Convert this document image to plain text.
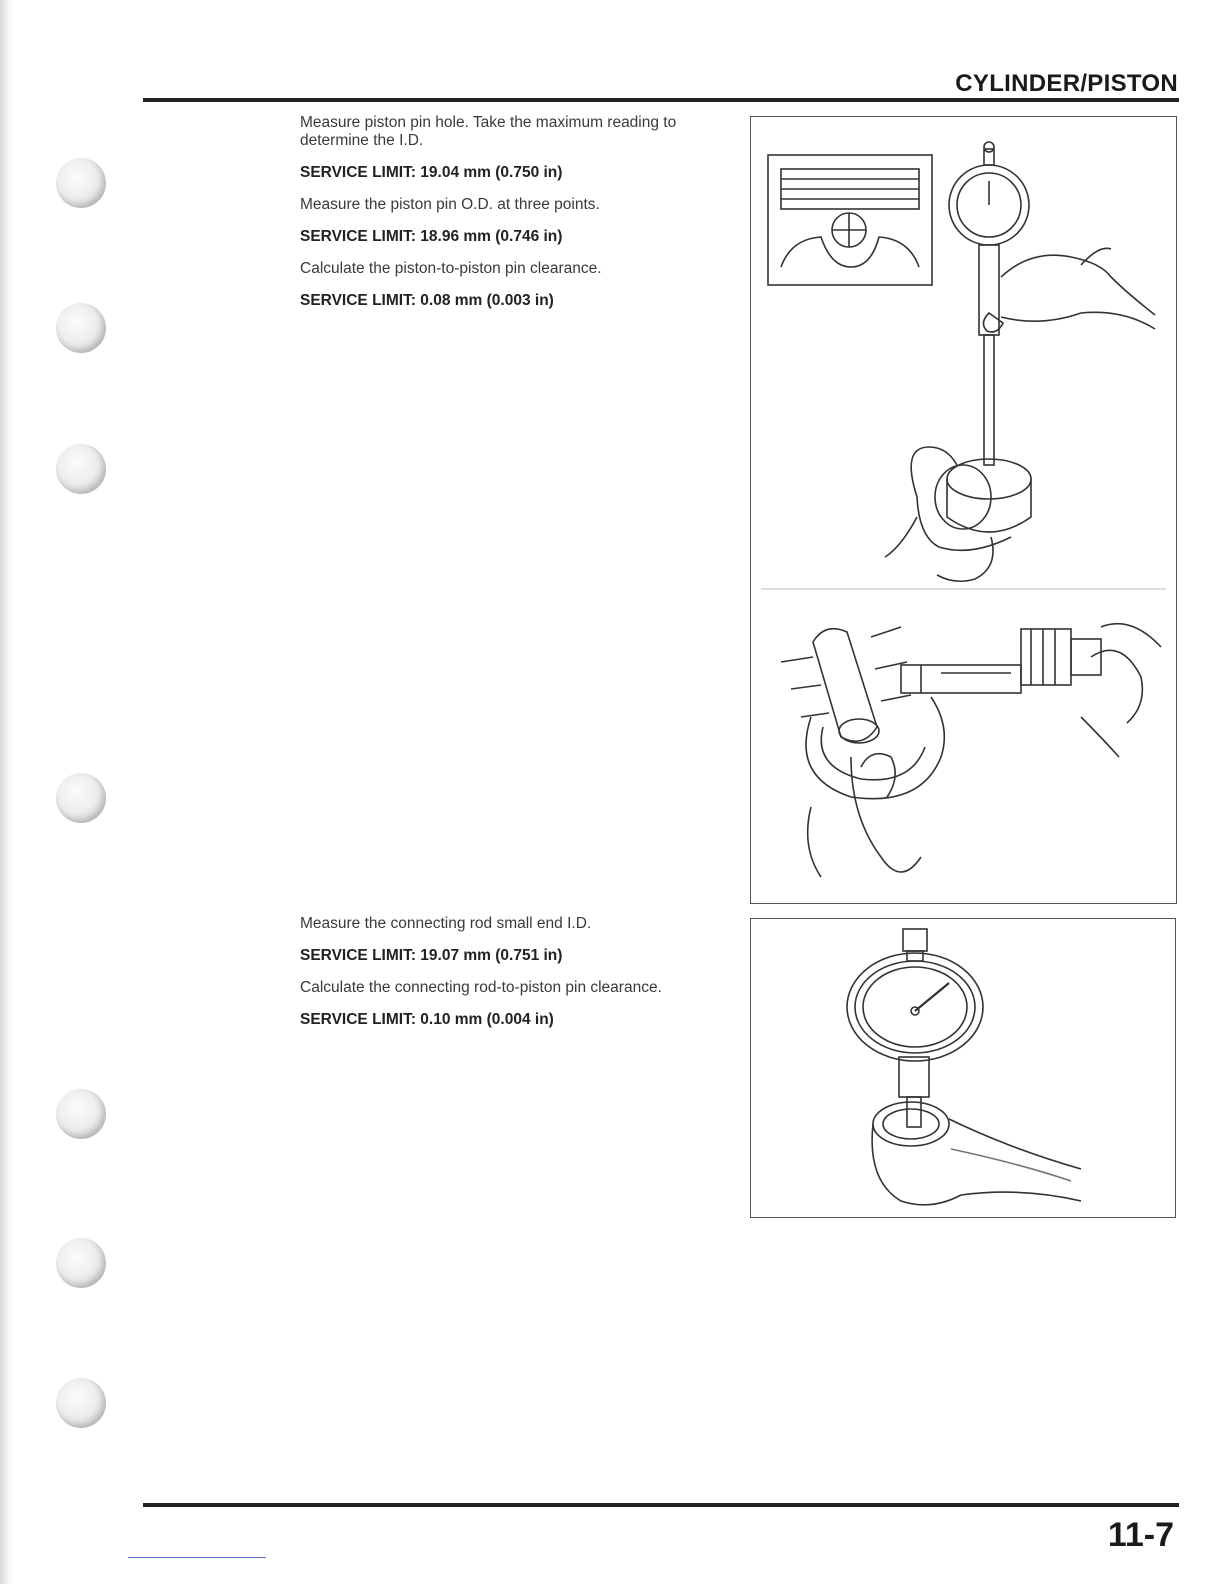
CYLINDER/PISTON

Measure piston pin hole. Take the maximum reading to determine the I.D.

SERVICE LIMIT: 19.04 mm (0.750 in)

Measure the piston pin O.D. at three points.

SERVICE LIMIT: 18.96 mm (0.746 in)

Calculate the piston-to-piston pin clearance.

SERVICE LIMIT: 0.08 mm (0.003 in)

Measure the connecting rod small end I.D.

SERVICE LIMIT: 19.07 mm (0.751 in)

Calculate the connecting rod-to-piston pin clearance.

SERVICE LIMIT: 0.10 mm (0.004 in)

11-7
